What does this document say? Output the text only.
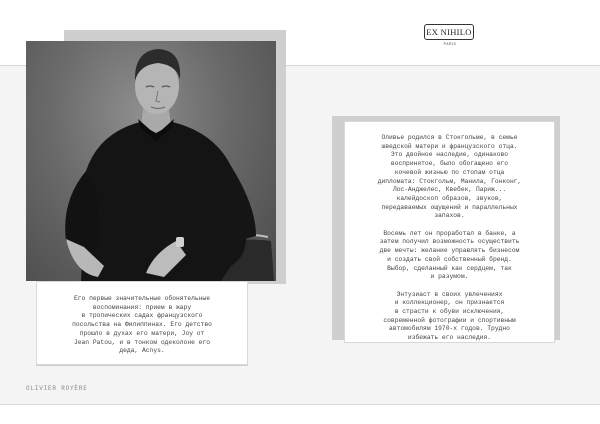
EX NIHILO
PARIS

Его первые значительные обонятельные

воспоминания: прием в жару

в тропических садах французского

посольства на Филиппинах. Его детство

прошло в духах его матери, Joy от

Jean Patou, и в тонком одеколоне его

деда, Acnys.

Оливье родился в Стокгольме, в семье
шведской матери и французского отца.
Это двойное наследие, одинаково
воспринятое, было обогащено его
кочевой жизнью по стопам отца
дипломата: Стокгольм, Манила, Гонконг,
Лос-Анджелес, Квебек, Париж...
калейдоскоп образов, звуков,
передаваемых ощущений и параллельных
запахов.

Восемь лет он проработал в банке, а
затем получил возможность осуществить
две мечты: желание управлять бизнесом
и создать свой собственный бренд.
Выбор, сделанный как сердцем, так
и разумом.

Энтузиаст в своих увлечениях
и коллекционер, он признается
в страсти к обуви исключения,
современной фотографии и спортивным
автомобилям 1970-х годов. Трудно
избежать его наследия.

OLIVIER ROYÈRE
